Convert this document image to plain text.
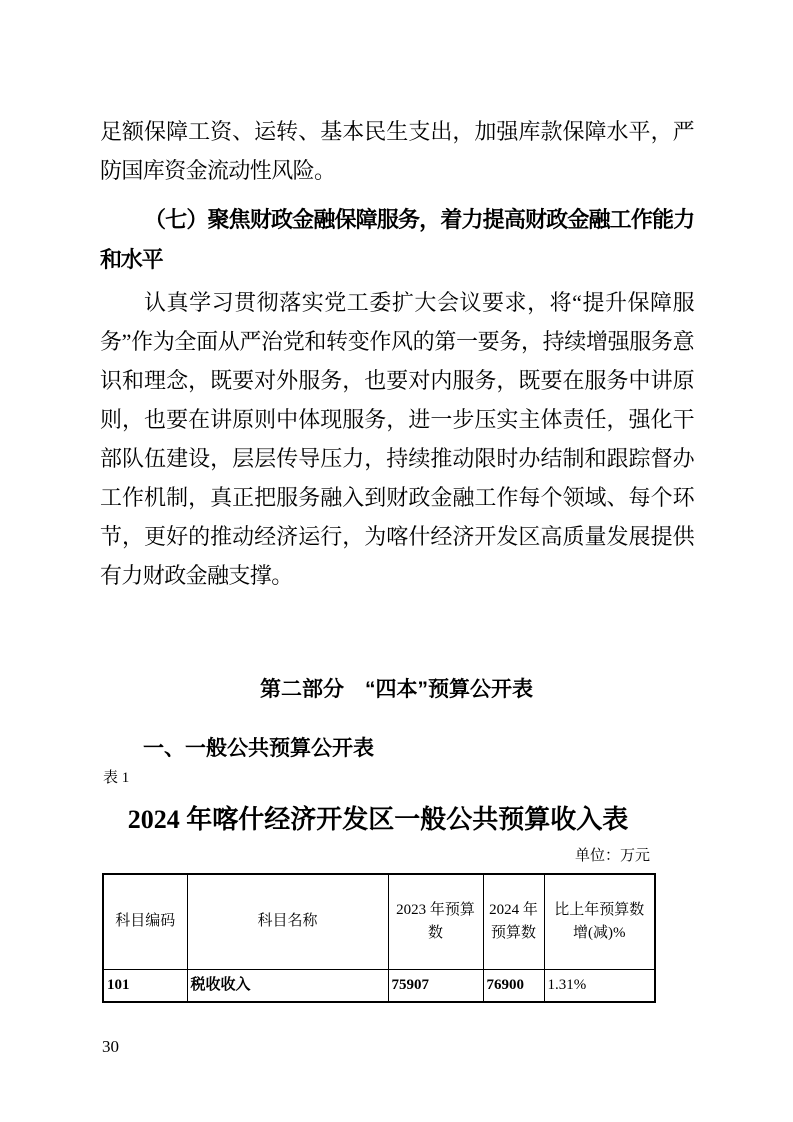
足额保障工资、运转、基本民生支出，加强库款保障水平，严防国库资金流动性风险。

（七）聚焦财政金融保障服务，着力提高财政金融工作能力和水平

认真学习贯彻落实党工委扩大会议要求，将“提升保障服务”作为全面从严治党和转变作风的第一要务，持续增强服务意识和理念，既要对外服务，也要对内服务，既要在服务中讲原则，也要在讲原则中体现服务，进一步压实主体责任，强化干部队伍建设，层层传导压力，持续推动限时办结制和跟踪督办工作机制，真正把服务融入到财政金融工作每个领域、每个环节，更好的推动经济运行，为喀什经济开发区高质量发展提供有力财政金融支撑。

第二部分　“四本”预算公开表
一、一般公共预算公开表
表 1
2024 年喀什经济开发区一般公共预算收入表
单位：万元
科目编码	科目名称	2023 年预算数	2024 年预算数	比上年预算数增(减)%
101	税收收入	75907	76900	1.31%
30
